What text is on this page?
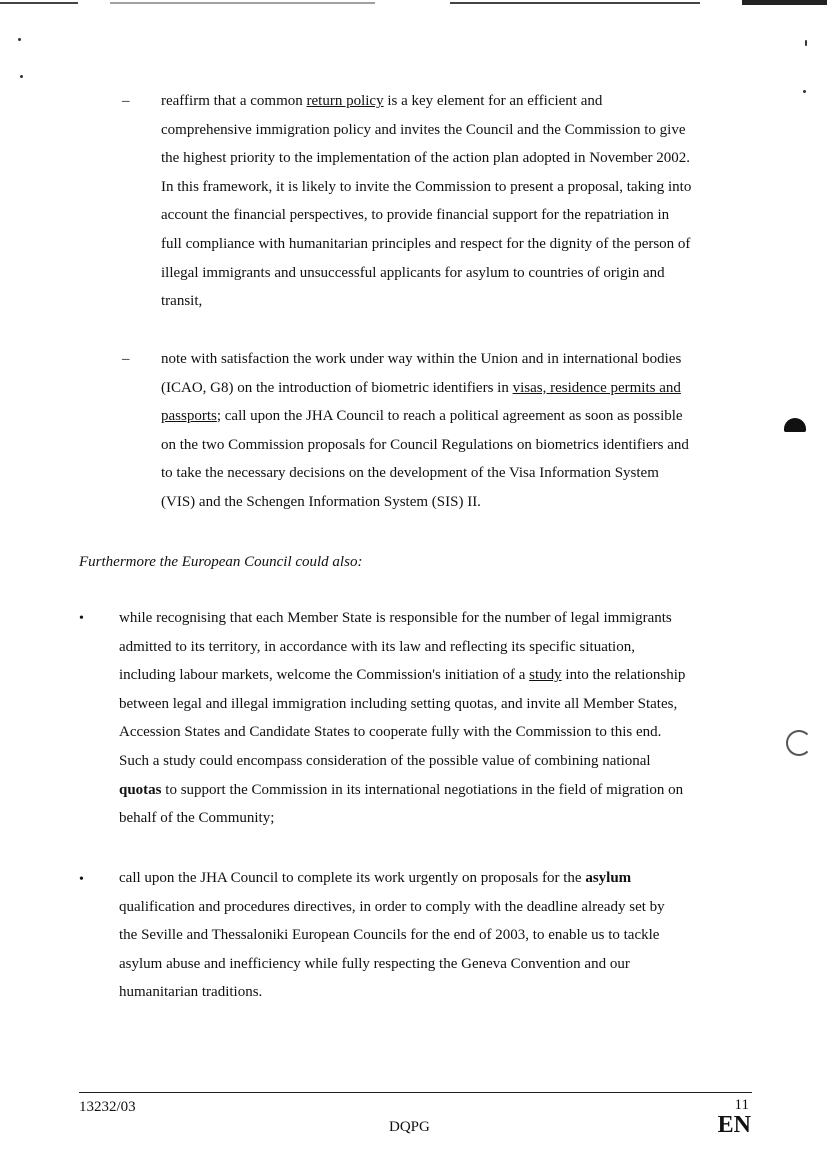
– reaffirm that a common return policy is a key element for an efficient and
comprehensive immigration policy and invites the Council and the Commission to give
the highest priority to the implementation of the action plan adopted in November 2002.
In this framework, it is likely to invite the Commission to present a proposal, taking into
account the financial perspectives, to provide financial support for the repatriation in
full compliance with humanitarian principles and respect for the dignity of the person of
illegal immigrants and unsuccessful applicants for asylum to countries of origin and
transit,
– note with satisfaction the work under way within the Union and in international bodies
(ICAO, G8) on the introduction of biometric identifiers in visas, residence permits and
passports; call upon the JHA Council to reach a political agreement as soon as possible
on the two Commission proposals for Council Regulations on biometrics identifiers and
to take the necessary decisions on the development of the Visa Information System
(VIS) and the Schengen Information System (SIS) II.
Furthermore the European Council could also:
• while recognising that each Member State is responsible for the number of legal immigrants
admitted to its territory, in accordance with its law and reflecting its specific situation,
including labour markets, welcome the Commission's initiation of a study into the relationship
between legal and illegal immigration including setting quotas, and invite all Member States,
Accession States and Candidate States to cooperate fully with the Commission to this end.
Such a study could encompass consideration of the possible value of combining national
quotas to support the Commission in its international negotiations in the field of migration on
behalf of the Community;
• call upon the JHA Council to complete its work urgently on proposals for the asylum
qualification and procedures directives, in order to comply with the deadline already set by
the Seville and Thessaloniki European Councils for the end of 2003, to enable us to tackle
asylum abuse and inefficiency while fully respecting the Geneva Convention and our
humanitarian traditions.
13232/03
DQPG
11
EN
